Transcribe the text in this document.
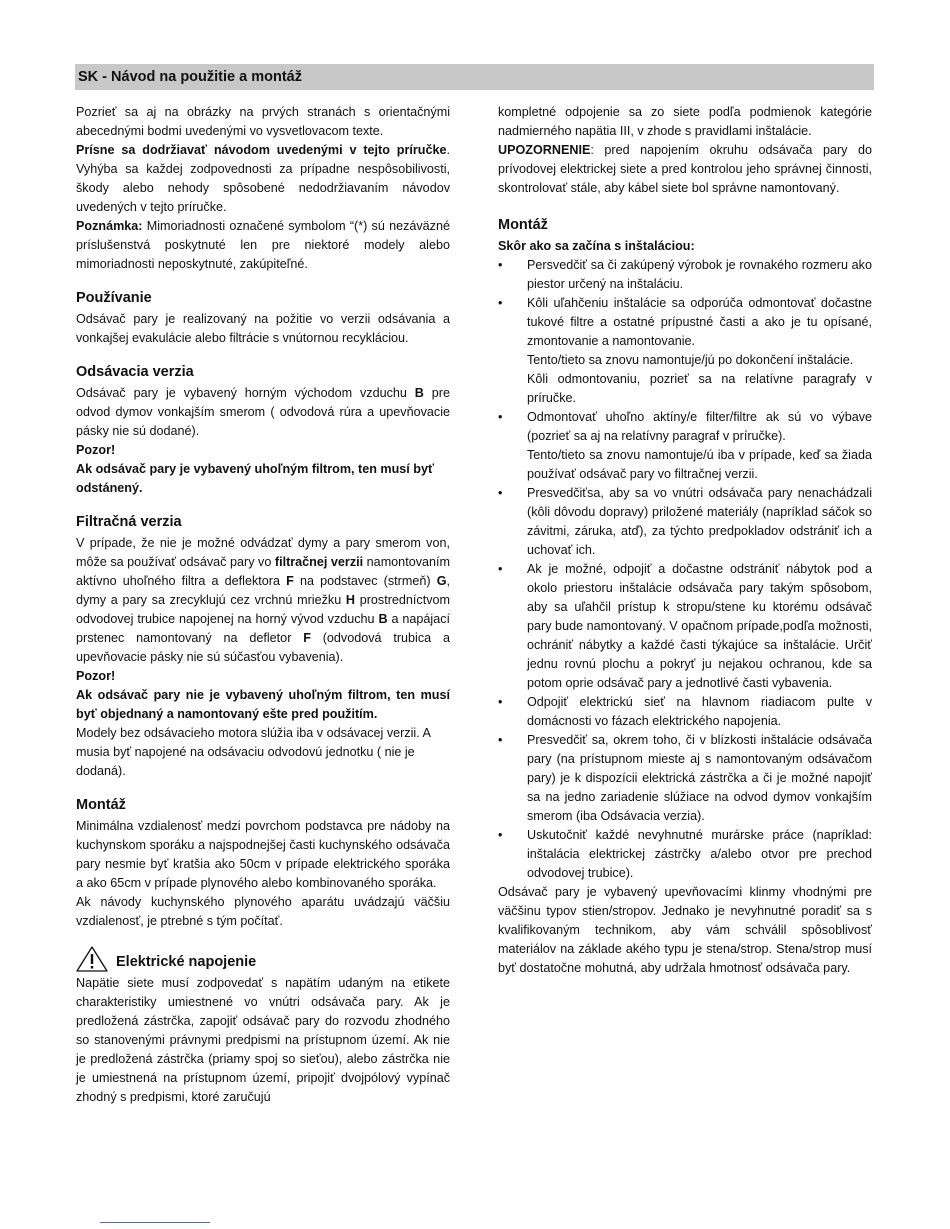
SK - Návod na použitie a montáž

Pozrieť sa aj na obrázky na prvých stranách s orientačnými abecednými bodmi uvedenými vo vysvetlovacom texte.

Prísne sa dodržiavať návodom uvedenými v tejto príručke. Vyhýba sa každej zodpovednosti za prípadne nespôsobilivosti, škody alebo nehody spôsobené nedodržiavaním návodov uvedených v tejto príručke.

Poznámka: Mimoriadnosti označené symbolom “(*) sú nezáväzné príslušenstvá poskytnuté len pre niektoré modely alebo mimoriadnosti neposkytnuté, zakúpiteľné.

Používanie

Odsávač pary je realizovaný na požitie vo verzii odsávania a vonkajšej evakulácie alebo filtrácie s vnútornou recykláciou.

Odsávacia verzia

Odsávač pary je vybavený horným východom vzduchu B pre odvod dymov vonkajším smerom ( odvodová rúra a upevňovacie pásky nie sú dodané).

Pozor!

Ak odsávač pary je vybavený uhoľným filtrom, ten musí byť odstánený.

Filtračná verzia

V prípade, že nie je možné odvádzať dymy a pary smerom von, môže sa používať odsávač pary vo filtračnej verzii namontovaním aktívno uhoľného filtra a deflektora F na podstavec (strmeň) G, dymy a pary sa zrecyklujú cez vrchnú mriežku H prostredníctvom odvodovej trubice napojenej na horný vývod vzduchu B a napájací prstenec namontovaný na defletor F (odvodová trubica a upevňovacie pásky nie sú súčasťou vybavenia).

Pozor!

Ak odsávač pary nie je vybavený uhoľným filtrom, ten musí byť objednaný a namontovaný ešte pred použitím.

Modely bez odsávacieho motora slúžia iba v odsávacej verzii. A musia byť napojené na odsávaciu odvodovú jednotku ( nie je dodaná).

Montáž

Minimálna vzdialenosť medzi povrchom podstavca pre nádoby na kuchynskom sporáku a najspodnejšej časti kuchynského odsávača pary nesmie byť kratšia ako 50cm v prípade elektrického sporáka a ako 65cm v prípade plynového alebo kombinovaného sporáka.

Ak návody kuchynského plynového aparátu uvádzajú väčšiu vzdialenosť, je ptrebné s tým počítať.

Elektrické napojenie

Napätie siete musí zodpovedať s napätím udaným na etikete charakteristiky umiestnené vo vnútri odsávača pary. Ak je predložená zástrčka, zapojiť odsávač pary do rozvodu zhodného so stanovenými právnymi predpismi na prístupnom území. Ak nie je predložená zástrčka (priamy spoj so sieťou), alebo zástrčka nie je umiestnená na prístupnom území, pripojiť dvojpólový vypínač zhodný s predpismi, ktoré zaručujú

kompletné odpojenie sa zo siete podľa podmienok kategórie nadmierného napätia III, v zhode s pravidlami inštalácie.

UPOZORNENIE: pred napojením okruhu odsávača pary do prívodovej elektrickej siete a pred kontrolou jeho správnej činnosti, skontrolovať stále, aby kábel siete bol správne namontovaný.

Montáž

Skôr ako sa začína s inštaláciou:

• Persvedčiť sa či zakúpený výrobok je rovnakého rozmeru ako piestor určený na inštaláciu.
• Kôli uľahčeniu inštalácie sa odporúča odmontovať dočastne tukové filtre a ostatné prípustné časti a ako je tu opísané, zmontovanie a namontovanie.
Tento/tieto sa znovu namontuje/jú po dokončení inštalácie.
Kôli odmontovaniu, pozrieť sa na relatívne paragrafy v príručke.
• Odmontovať uhoľno aktíny/e filter/filtre ak sú vo výbave (pozrieť sa aj na relatívny paragraf v príručke).
Tento/tieto sa znovu namontuje/ú iba v prípade, keď sa žiada používať odsávač pary vo filtračnej verzii.
• Presvedčiťsa, aby sa vo vnútri odsávača pary nenachádzali (kôli dôvodu dopravy) priložené materiály (napríklad sáčok so závitmi, záruka, atď), za týchto predpokladov odstrániť ich a uchovať ich.
• Ak je možné, odpojiť a dočastne odstrániť nábytok pod a okolo priestoru inštalácie odsávača pary takým spôsobom, aby sa uľahčil prístup k stropu/stene ku ktorému odsávač pary bude namontovaný. V opačnom prípade,podľa možnosti, ochrániť nábytky a každé časti týkajúce sa inštalácie. Určiť jednu rovnú plochu a pokryť ju nejakou ochranou, kde sa potom oprie odsávač pary a jednotlivé časti vybavenia.
• Odpojiť elektrickú sieť na hlavnom riadiacom pulte v domácnosti vo fázach elektrického napojenia.
• Presvedčiť sa, okrem toho, či v blízkosti inštalácie odsávača pary (na prístupnom mieste aj s namontovaným odsávačom pary) je k dispozícii elektrická zástrčka a či je možné napojiť sa na jedno zariadenie slúžiace na odvod dymov vonkajším smerom (iba Odsávacia verzia).
• Uskutočniť každé nevyhnutné murárske práce (napríklad: inštalácia elektrickej zástrčky a/alebo otvor pre prechod odvodovej trubice).

Odsávač pary je vybavený upevňovacími klinmy vhodnými pre väčšinu typov stien/stropov. Jednako je nevyhnutné poradiť sa s kvalifikovaným technikom, aby vám schválil spôsoblivosť materiálov na základe akého typu je stena/strop. Stena/strop musí byť dostatočne mohutná, aby udržala hmotnosť odsávača pary.
